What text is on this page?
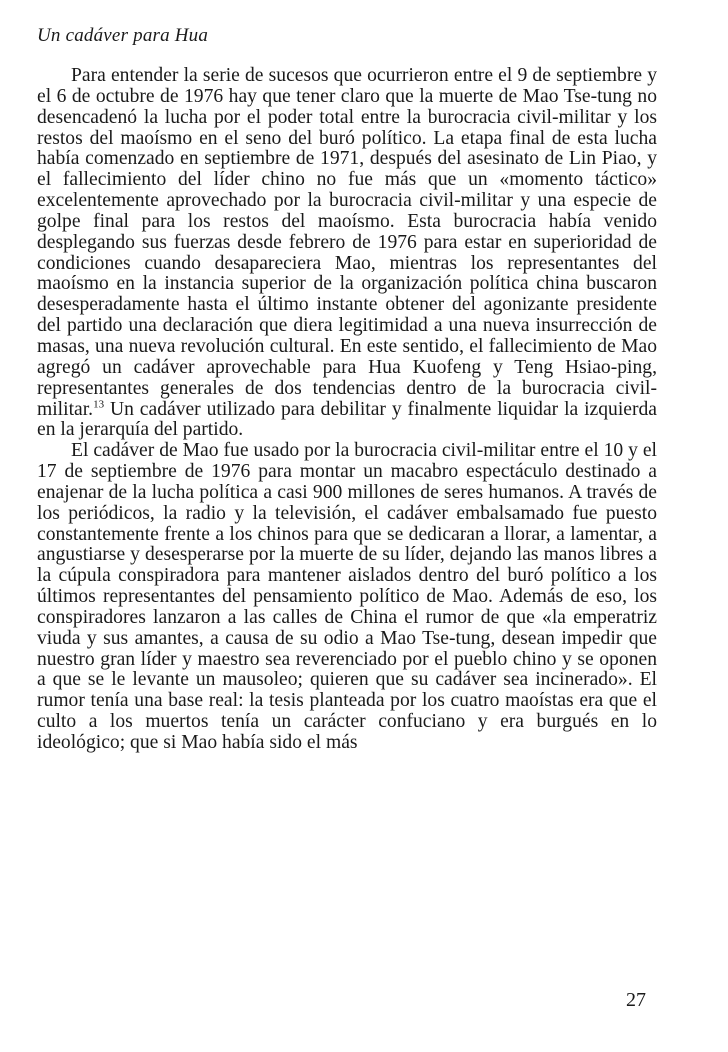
Un cadáver para Hua

Para entender la serie de sucesos que ocurrieron entre el 9 de septiembre y el 6 de octubre de 1976 hay que tener claro que la muerte de Mao Tse-tung no desencadenó la lucha por el poder total entre la burocracia civil-militar y los restos del maoísmo en el seno del buró político. La etapa final de esta lucha había comenzado en septiembre de 1971, después del asesinato de Lin Piao, y el fallecimiento del líder chino no fue más que un «momento táctico» excelentemente aprovechado por la burocracia civil-militar y una especie de golpe final para los restos del maoísmo. Esta burocracia había venido desplegando sus fuerzas desde febrero de 1976 para estar en superioridad de condiciones cuando desapareciera Mao, mientras los representantes del maoísmo en la instancia superior de la organización política china buscaron desesperadamente hasta el último instante obtener del agonizante presidente del partido una declaración que diera legitimidad a una nueva insurrección de masas, una nueva revolución cultural. En este sentido, el fallecimiento de Mao agregó un cadáver aprovechable para Hua Kuofeng y Teng Hsiao-ping, representantes generales de dos tendencias dentro de la burocracia civil-militar.$^{13}$ Un cadáver utilizado para debilitar y finalmente liquidar la izquierda en la jerarquía del partido.

El cadáver de Mao fue usado por la burocracia civil-militar entre el 10 y el 17 de septiembre de 1976 para montar un macabro espectáculo destinado a enajenar de la lucha política a casi 900 millones de seres humanos. A través de los periódicos, la radio y la televisión, el cadáver embalsamado fue puesto constantemente frente a los chinos para que se dedicaran a llorar, a lamentar, a angustiarse y desesperarse por la muerte de su líder, dejando las manos libres a la cúpula conspiradora para mantener aislados dentro del buró político a los últimos representantes del pensamiento político de Mao. Además de eso, los conspiradores lanzaron a las calles de China el rumor de que «la emperatriz viuda y sus amantes, a causa de su odio a Mao Tse-tung, desean impedir que nuestro gran líder y maestro sea reverenciado por el pueblo chino y se oponen a que se le levante un mausoleo; quieren que su cadáver sea incinerado». El rumor tenía una base real: la tesis planteada por los cuatro maoístas era que el culto a los muertos tenía un carácter confuciano y era burgués en lo ideológico; que si Mao había sido el más

27
